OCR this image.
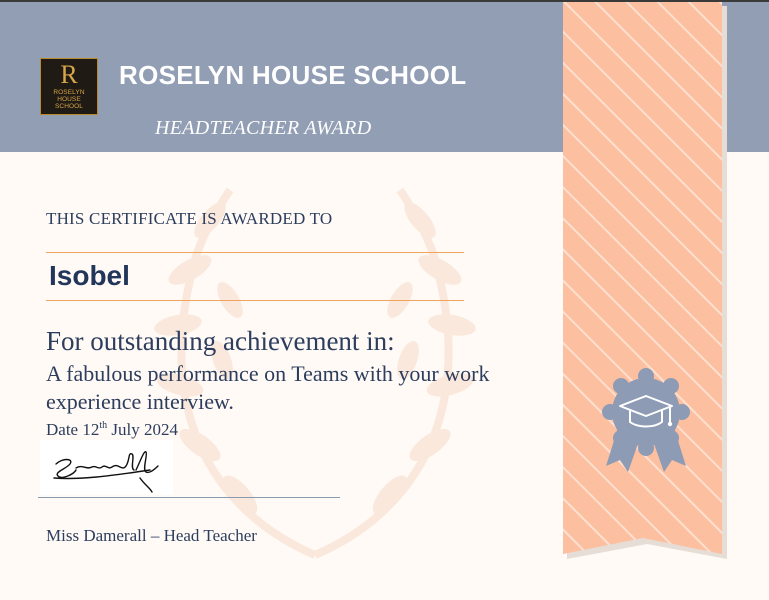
R
ROSELYN HOUSE
SCHOOL
ROSELYN HOUSE SCHOOL
HEADTEACHER AWARD
THIS CERTIFICATE IS AWARDED TO
Isobel
For outstanding achievement in:
A fabulous performance on Teams with your work experience interview.
Date 12th July 2024
Miss Damerall – Head Teacher
